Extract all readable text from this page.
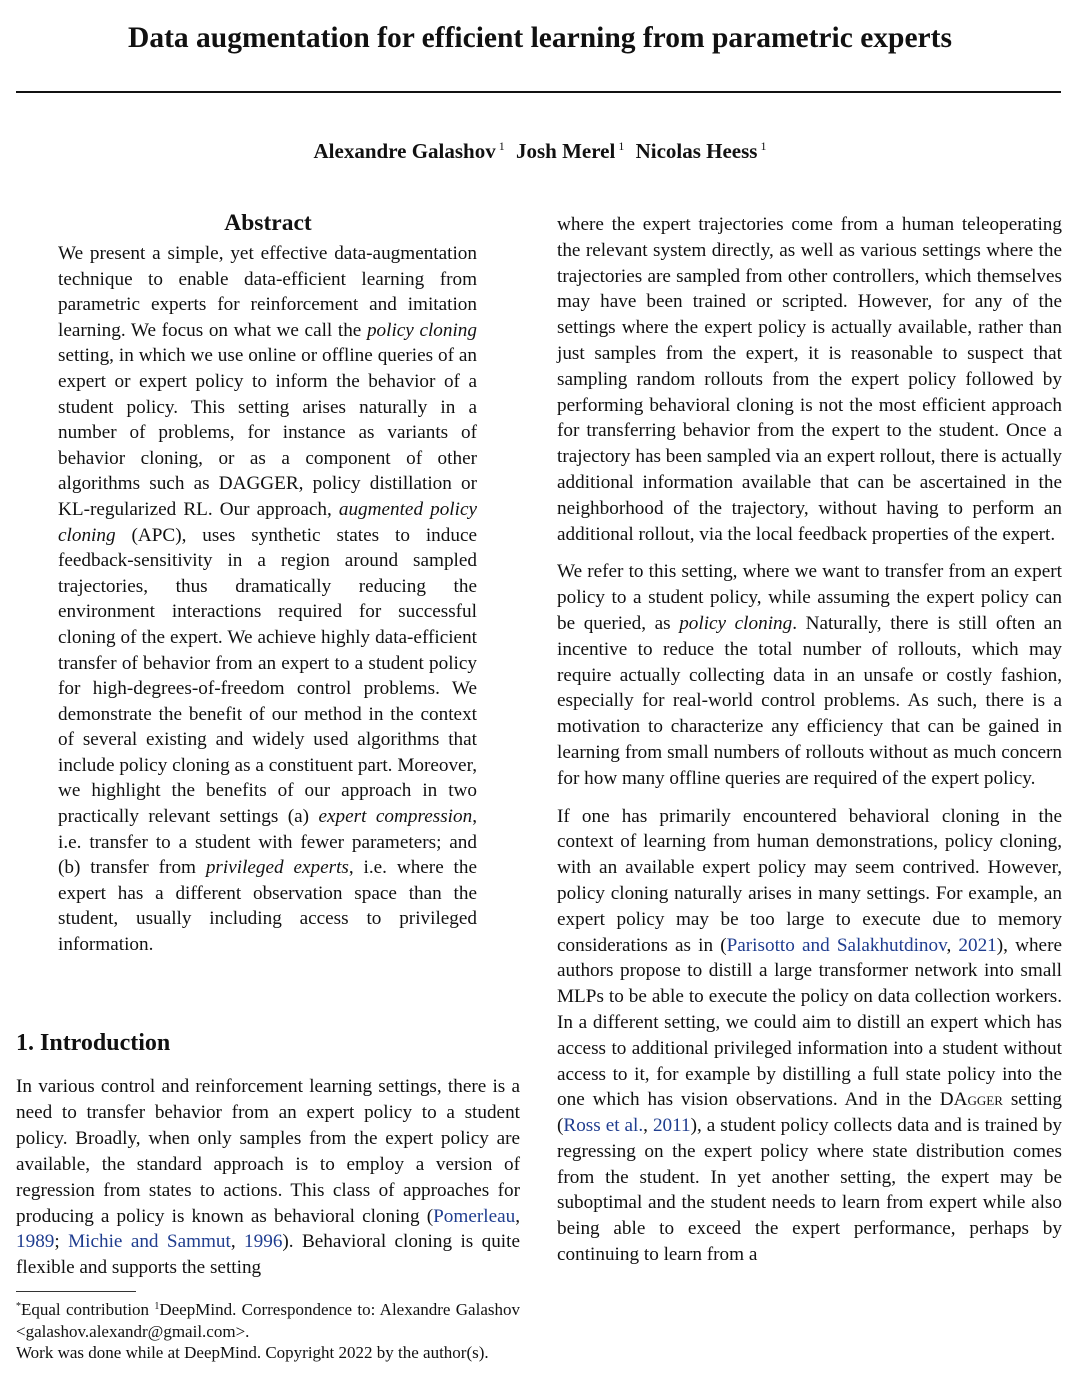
Data augmentation for efficient learning from parametric experts
Alexandre Galashov $^1$ Josh Merel $^1$ Nicolas Heess $^1$
Abstract
We present a simple, yet effective data-augmentation technique to enable data-efficient learning from parametric experts for reinforcement and imitation learning. We focus on what we call the policy cloning setting, in which we use online or offline queries of an expert or expert policy to inform the behavior of a student policy. This setting arises naturally in a number of problems, for instance as variants of behavior cloning, or as a component of other algorithms such as DAGGER, policy distillation or KL-regularized RL. Our approach, augmented policy cloning (APC), uses synthetic states to induce feedback-sensitivity in a region around sampled trajectories, thus dramatically reducing the environment interactions required for successful cloning of the expert. We achieve highly data-efficient transfer of behavior from an expert to a student policy for high-degrees-of-freedom control problems. We demonstrate the benefit of our method in the context of several existing and widely used algorithms that include policy cloning as a constituent part. Moreover, we highlight the benefits of our approach in two practically relevant settings (a) expert compression, i.e. transfer to a student with fewer parameters; and (b) transfer from privileged experts, i.e. where the expert has a different observation space than the student, usually including access to privileged information.
1. Introduction
In various control and reinforcement learning settings, there is a need to transfer behavior from an expert policy to a student policy. Broadly, when only samples from the expert policy are available, the standard approach is to employ a version of regression from states to actions. This class of approaches for producing a policy is known as behavioral cloning (Pomerleau, 1989; Michie and Sammut, 1996). Behavioral cloning is quite flexible and supports the setting
*Equal contribution $^1$DeepMind. Correspondence to: Alexandre Galashov <galashov.alexandr@gmail.com>.
Work was done while at DeepMind. Copyright 2022 by the author(s).

where the expert trajectories come from a human teleoperating the relevant system directly, as well as various settings where the trajectories are sampled from other controllers, which themselves may have been trained or scripted. However, for any of the settings where the expert policy is actually available, rather than just samples from the expert, it is reasonable to suspect that sampling random rollouts from the expert policy followed by performing behavioral cloning is not the most efficient approach for transferring behavior from the expert to the student. Once a trajectory has been sampled via an expert rollout, there is actually additional information available that can be ascertained in the neighborhood of the trajectory, without having to perform an additional rollout, via the local feedback properties of the expert.

We refer to this setting, where we want to transfer from an expert policy to a student policy, while assuming the expert policy can be queried, as policy cloning. Naturally, there is still often an incentive to reduce the total number of rollouts, which may require actually collecting data in an unsafe or costly fashion, especially for real-world control problems. As such, there is a motivation to characterize any efficiency that can be gained in learning from small numbers of rollouts without as much concern for how many offline queries are required of the expert policy.

If one has primarily encountered behavioral cloning in the context of learning from human demonstrations, policy cloning, with an available expert policy may seem contrived. However, policy cloning naturally arises in many settings. For example, an expert policy may be too large to execute due to memory considerations as in (Parisotto and Salakhutdinov, 2021), where authors propose to distill a large transformer network into small MLPs to be able to execute the policy on data collection workers. In a different setting, we could aim to distill an expert which has access to additional privileged information into a student without access to it, for example by distilling a full state policy into the one which has vision observations. And in the DAgger setting (Ross et al., 2011), a student policy collects data and is trained by regressing on the expert policy where state distribution comes from the student. In yet another setting, the expert may be suboptimal and the student needs to learn from expert while also being able to exceed the expert performance, perhaps by continuing to learn from a
